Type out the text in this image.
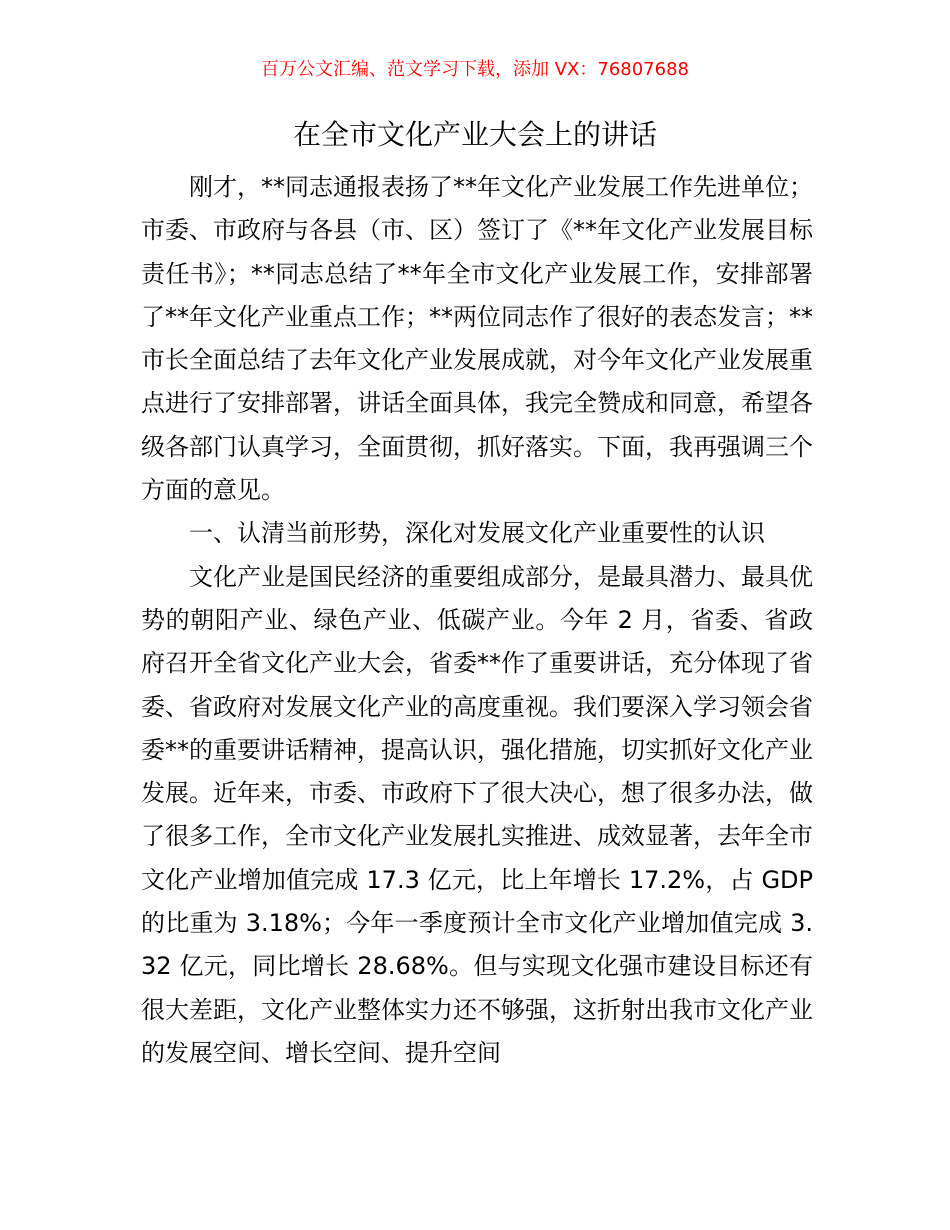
百万公文汇编、范文学习下载，添加 VX：76807688
在全市文化产业大会上的讲话

刚才，**同志通报表扬了**年文化产业发展工作先进单位；市委、市政府与各县（市、区）签订了《**年文化产业发展目标责任书》；**同志总结了**年全市文化产业发展工作，安排部署了**年文化产业重点工作；**两位同志作了很好的表态发言；**市长全面总结了去年文化产业发展成就，对今年文化产业发展重点进行了安排部署，讲话全面具体，我完全赞成和同意，希望各级各部门认真学习，全面贯彻，抓好落实。下面，我再强调三个方面的意见。

一、认清当前形势，深化对发展文化产业重要性的认识

文化产业是国民经济的重要组成部分，是最具潜力、最具优势的朝阳产业、绿色产业、低碳产业。今年 2 月，省委、省政府召开全省文化产业大会，省委**作了重要讲话，充分体现了省委、省政府对发展文化产业的高度重视。我们要深入学习领会省委**的重要讲话精神，提高认识，强化措施，切实抓好文化产业发展。近年来，市委、市政府下了很大决心，想了很多办法，做了很多工作，全市文化产业发展扎实推进、成效显著，去年全市文化产业增加值完成 17.3 亿元，比上年增长 17.2%，占 GDP 的比重为 3.18%；今年一季度预计全市文化产业增加值完成 3.32 亿元，同比增长 28.68%。但与实现文化强市建设目标还有很大差距，文化产业整体实力还不够强，这折射出我市文化产业的发展空间、增长空间、提升空间
